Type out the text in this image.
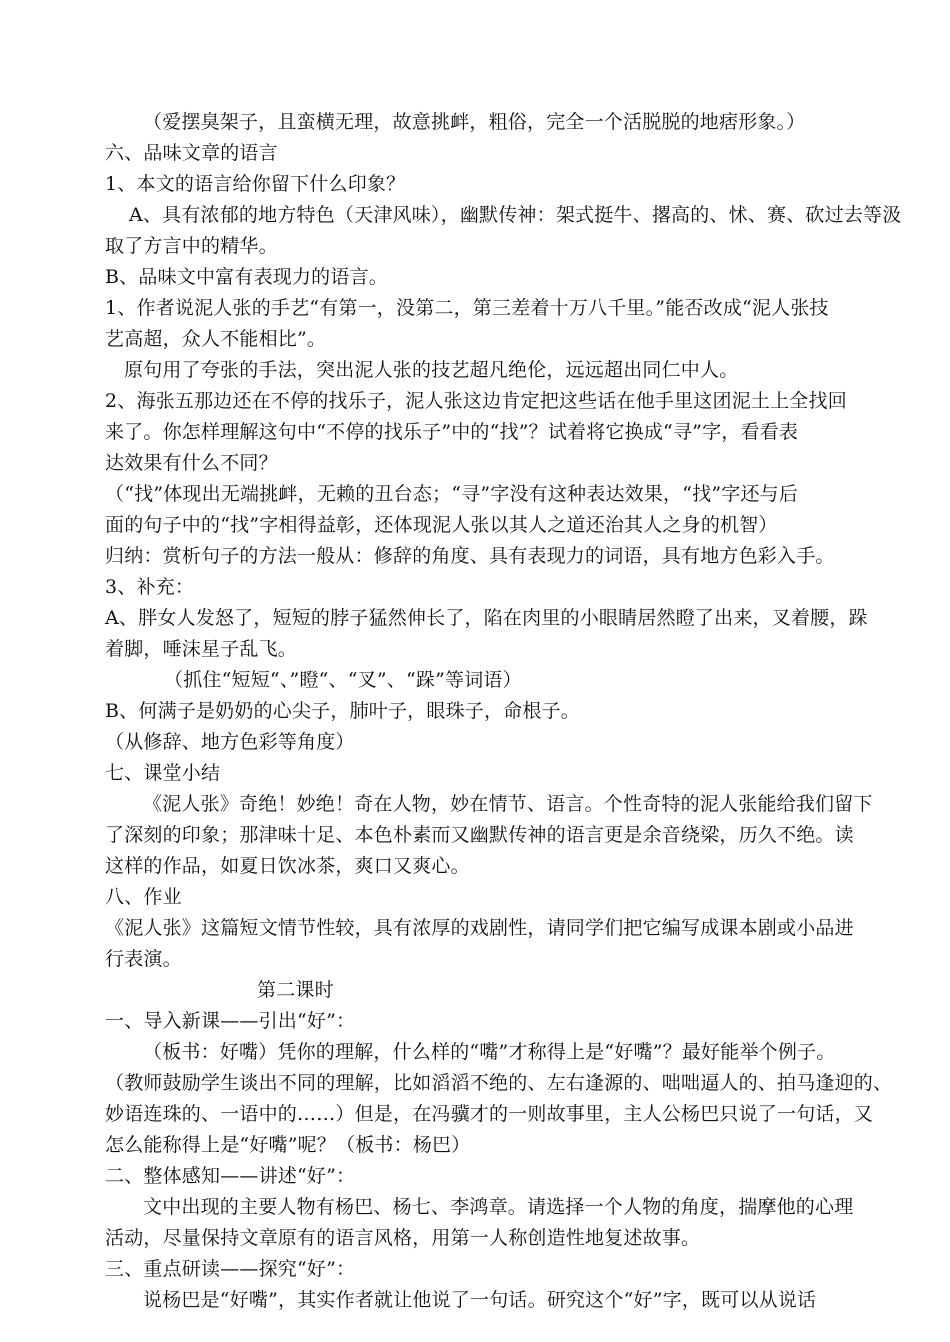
（爱摆臭架子，且蛮横无理，故意挑衅，粗俗，完全一个活脱脱的地痞形象。）
六、品味文章的语言
1、本文的语言给你留下什么印象？
A、具有浓郁的地方特色（天津风味），幽默传神：架式挺牛、撂高的、怵、赛、砍过去等汲
取了方言中的精华。
B、品味文中富有表现力的语言。
1、作者说泥人张的手艺“有第一，没第二，第三差着十万八千里。”能否改成“泥人张技
艺高超，众人不能相比”。
原句用了夸张的手法，突出泥人张的技艺超凡绝伦，远远超出同仁中人。
2、海张五那边还在不停的找乐子，泥人张这边肯定把这些话在他手里这团泥土上全找回
来了。你怎样理解这句中“不停的找乐子”中的“找”？试着将它换成“寻”字，看看表
达效果有什么不同？
（“找”体现出无端挑衅，无赖的丑台态；“寻”字没有这种表达效果，“找”字还与后
面的句子中的“找”字相得益彰，还体现泥人张以其人之道还治其人之身的机智）
归纳：赏析句子的方法一般从：修辞的角度、具有表现力的词语，具有地方色彩入手。
3、补充：
A、胖女人发怒了，短短的脖子猛然伸长了，陷在肉里的小眼睛居然瞪了出来，叉着腰，跺
着脚，唾沫星子乱飞。
（抓住“短短“、”瞪“、“叉”、“跺”等词语）
B、何满子是奶奶的心尖子，肺叶子，眼珠子，命根子。
（从修辞、地方色彩等角度）
七、课堂小结
《泥人张》奇绝！妙绝！奇在人物，妙在情节、语言。个性奇特的泥人张能给我们留下
了深刻的印象；那津味十足、本色朴素而又幽默传神的语言更是余音绕梁，历久不绝。读
这样的作品，如夏日饮冰茶，爽口又爽心。
八、作业
《泥人张》这篇短文情节性较，具有浓厚的戏剧性，请同学们把它编写成课本剧或小品进
行表演。
第二课时
一、导入新课——引出“好”：
（板书：好嘴）凭你的理解，什么样的“嘴”才称得上是“好嘴”？最好能举个例子。
（教师鼓励学生谈出不同的理解，比如滔滔不绝的、左右逢源的、咄咄逼人的、拍马逢迎的、
妙语连珠的、一语中的……）但是，在冯骥才的一则故事里，主人公杨巴只说了一句话，又
怎么能称得上是“好嘴”呢？（板书：杨巴）
二、整体感知——讲述“好”：
文中出现的主要人物有杨巴、杨七、李鸿章。请选择一个人物的角度，揣摩他的心理
活动，尽量保持文章原有的语言风格，用第一人称创造性地复述故事。
三、重点研读——探究“好”：
说杨巴是“好嘴”，其实作者就让他说了一句话。研究这个“好”字，既可以从说话
